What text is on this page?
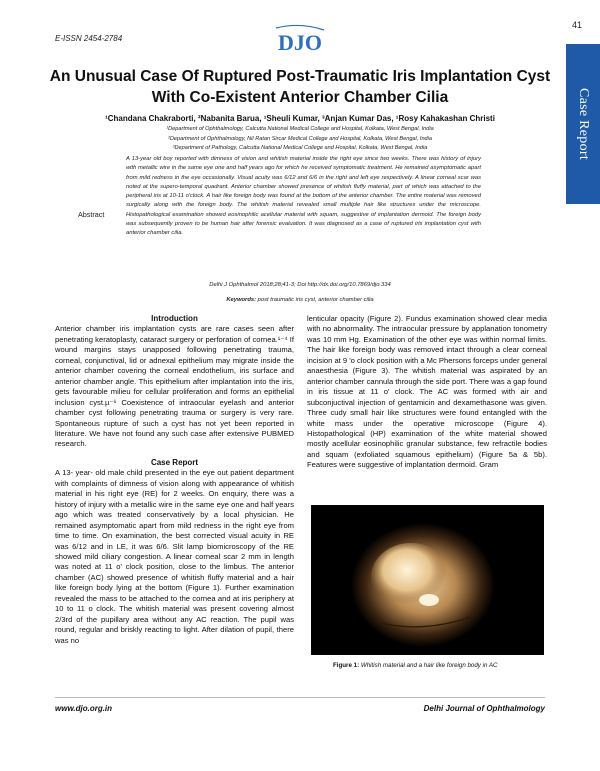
E-ISSN 2454-2784	DJO
41
Case Report
An Unusual Case Of Ruptured Post-Traumatic Iris Implantation Cyst With Co-Existent Anterior Chamber Cilia
¹Chandana Chakraborti, ²Nabanita Barua, ¹Sheuli Kumar, ³Anjan Kumar Das, ¹Rosy Kahakashan Christi
¹Department of Ophthalmology, Calcutta National Medical College and Hospital, Kolkata, West Bengal, India
²Department of Ophthalmology, Nil Ratan Sircar Medical College and Hospital, Kolkata, West Bengal, India
³Department of Pathology, Calcutta National Medical College and Hospital, Kolkata, West Bengal, India
Abstract
A 13-year old boy reported with dimness of vision and whitish material inside the right eye since two weeks. There was history of injury with metallic wire in the same eye one and half years ago for which he received symptomatic treatment. He remained asymptomatic apart from mild redness in the eye occasionally. Visual acuity was 6/12 and 6/6 in the right and left eye respectively. A linear corneal scar was noted at the supero-temporal quadrant. Anterior chamber showed presence of whitish fluffy material, part of which was attached to the peripheral iris at 10-11 o'clock. A hair like foreign body was found at the bottom of the anterior chamber. The entire material was removed surgically along with the foreign body. The whitish material revealed small multiple hair like structures under the microscope. Histopathological examination showed eosinophilic acellular material with squam, suggestive of implantation dermoid. The foreign body was subsequently proven to be human hair after forensic evaluation. It was diagnosed as a case of ruptured iris implantation cyst with anterior chamber cilia.
Delhi J Ophthalmol 2018;28;41-3; Doi http://dx.doi.org/10.7869/djo.334
Keywords: post traumatic iris cyst, anterior chamber cilia

Introduction

Anterior chamber iris implantation cysts are rare cases seen after penetrating keratoplasty, cataract surgery or perforation of cornea.¹⁻⁴ If wound margins stays unapposed following penetrating trauma, corneal, conjunctival, lid or adnexal epithelium may migrate inside the anterior chamber covering the corneal endothelium, iris surface and anterior chamber angle. This epithelium after implantation into the iris, gets favourable milieu for cellular proliferation and forms an epithelial inclusion cyst.µ⁻⁶ Coexistence of intraocular eyelash and anterior chamber cyst following penetrating trauma or surgery is very rare. Spontaneous rupture of such a cyst has not yet been reported in literature. We have not found any such case after extensive PUBMED research.

Case Report

A 13- year- old male child presented in the eye out patient department with complaints of dimness of vision along with appearance of whitish material in his right eye (RE) for 2 weeks. On enquiry, there was a history of injury with a metallic wire in the same eye one and half years ago which was treated conservatively by a local physician. He remained asymptomatic apart from mild redness in the right eye from time to time. On examination, the best corrected visual acuity in RE was 6/12 and in LE, it was 6/6. Slit lamp biomicroscopy of the RE showed mild ciliary congestion. A linear corneal scar 2 mm in length was noted at 11 o' clock position, close to the limbus. The anterior chamber (AC) showed presence of whitish fluffy material and a hair like foreign body lying at the bottom (Figure 1). Further examination revealed the mass to be attached to the cornea and at iris periphery at 10 to 11 o clock. The whitish material was present covering almost 2/3rd of the pupillary area without any AC reaction. The pupil was round, regular and briskly reacting to light. After dilation of pupil, there was no

lenticular opacity (Figure 2). Fundus examination showed clear media with no abnormality. The intraocular pressure by applanation tonometry was 10 mm Hg. Examination of the other eye was within normal limits. The hair like foreign body was removed intact through a clear corneal incision at 9 'o clock position with a Mc Phersons forceps under general anaesthesia (Figure 3). The whitish material was aspirated by an anterior chamber cannula through the side port. There was a gap found in iris tissue at 11 o' clock. The AC was formed with air and subconjuctival injection of gentamicin and dexamethasone was given. Three cudy small hair like structures were found entangled with the white mass under the operative microscope (Figure 4). Histopathological (HP) examination of the white material showed mostly acellular eosinophilic granular substance, few refractile bodies and squam (exfoliated squamous epithelium) (Figure 5a & 5b). Features were suggestive of implantation dermoid. Gram

Figure 1: Whitish material and a hair like foreign body in AC
www.djo.org.in	Delhi Journal of Ophthalmology
